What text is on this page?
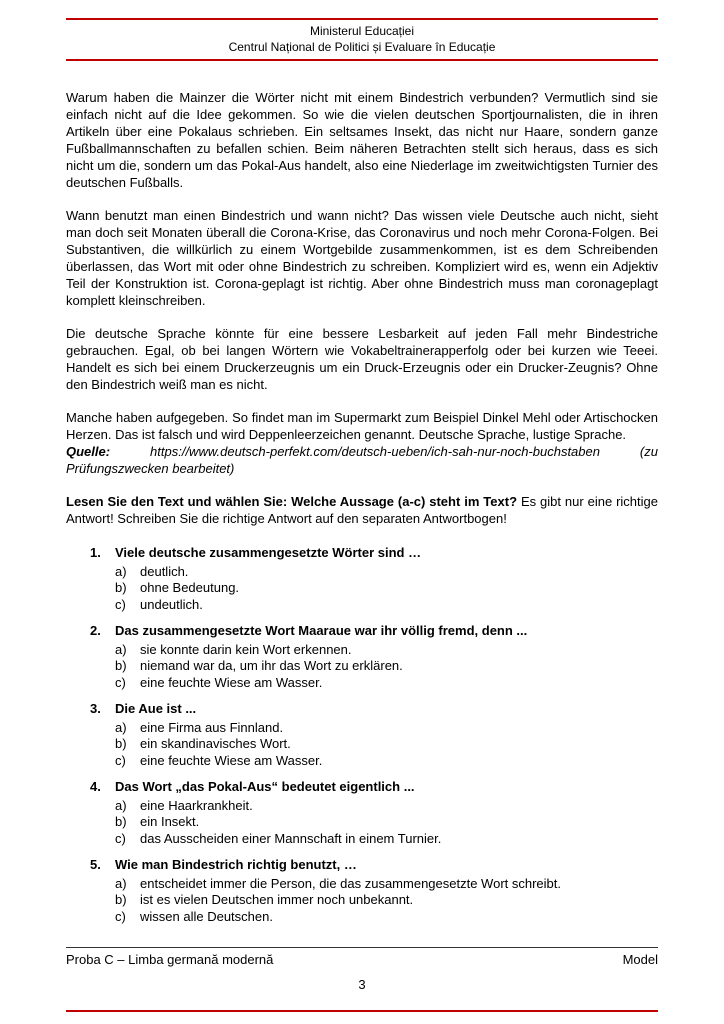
Ministerul Educației
Centrul Național de Politici și Evaluare în Educație

Warum haben die Mainzer die Wörter nicht mit einem Bindestrich verbunden? Vermutlich sind sie einfach nicht auf die Idee gekommen. So wie die vielen deutschen Sportjournalisten, die in ihren Artikeln über eine Pokalaus schrieben. Ein seltsames Insekt, das nicht nur Haare, sondern ganze Fußballmannschaften zu befallen schien. Beim näheren Betrachten stellt sich heraus, dass es sich nicht um die, sondern um das Pokal-Aus handelt, also eine Niederlage im zweitwichtigsten Turnier des deutschen Fußballs.

Wann benutzt man einen Bindestrich und wann nicht? Das wissen viele Deutsche auch nicht, sieht man doch seit Monaten überall die Corona-Krise, das Coronavirus und noch mehr Corona-Folgen. Bei Substantiven, die willkürlich zu einem Wortgebilde zusammenkommen, ist es dem Schreibenden überlassen, das Wort mit oder ohne Bindestrich zu schreiben. Kompliziert wird es, wenn ein Adjektiv Teil der Konstruktion ist. Corona-geplagt ist richtig. Aber ohne Bindestrich muss man coronageplagt komplett kleinschreiben.

Die deutsche Sprache könnte für eine bessere Lesbarkeit auf jeden Fall mehr Bindestriche gebrauchen. Egal, ob bei langen Wörtern wie Vokabeltrainerapperfolg oder bei kurzen wie Teeei. Handelt es sich bei einem Druckerzeugnis um ein Druck-Erzeugnis oder ein Drucker-Zeugnis? Ohne den Bindestrich weiß man es nicht.

Manche haben aufgegeben. So findet man im Supermarkt zum Beispiel Dinkel Mehl oder Artischocken Herzen. Das ist falsch und wird Deppenleerzeichen genannt. Deutsche Sprache, lustige Sprache.

Quelle:	https://www.deutsch-perfekt.com/deutsch-ueben/ich-sah-nur-noch-buchstaben	(zu Prüfungszwecken bearbeitet)

Lesen Sie den Text und wählen Sie: Welche Aussage (a-c) steht im Text? Es gibt nur eine richtige Antwort! Schreiben Sie die richtige Antwort auf den separaten Antwortbogen!

1.	Viele deutsche zusammengesetzte Wörter sind …
a)	deutlich.
b)	ohne Bedeutung.
c)	undeutlich.
2.	Das zusammengesetzte Wort Maaraue war ihr völlig fremd, denn ...
a)	sie konnte darin kein Wort erkennen.
b)	niemand war da, um ihr das Wort zu erklären.
c)	eine feuchte Wiese am Wasser.
3.	Die Aue ist ...
a)	eine Firma aus Finnland.
b)	ein skandinavisches Wort.
c)	eine feuchte Wiese am Wasser.
4.	Das Wort „das Pokal-Aus“ bedeutet eigentlich ...
a)	eine Haarkrankheit.
b)	ein Insekt.
c)	das Ausscheiden einer Mannschaft in einem Turnier.
5.	Wie man Bindestrich richtig benutzt, …
a)	entscheidet immer die Person, die das zusammengesetzte Wort schreibt.
b)	ist es vielen Deutschen immer noch unbekannt.
c)	wissen alle Deutschen.
Proba C – Limba germană modernă	Model
3
